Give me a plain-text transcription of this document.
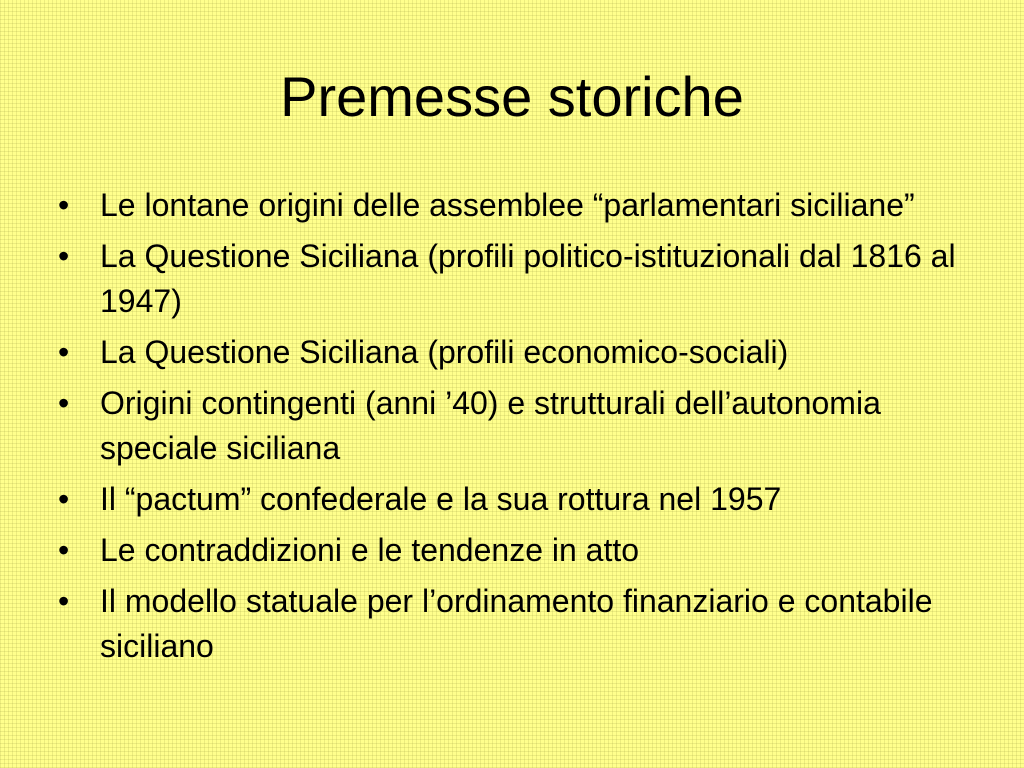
Premesse storiche
• Le lontane origini delle assemblee “parlamentari siciliane”
• La Questione Siciliana (profili politico-istituzionali dal 1816 al 1947)
• La Questione Siciliana (profili economico-sociali)
• Origini contingenti (anni ’40) e strutturali dell’autonomia speciale siciliana
• Il “pactum” confederale e la sua rottura nel 1957
• Le contraddizioni e le tendenze in atto
• Il modello statuale per l’ordinamento finanziario e contabile siciliano
